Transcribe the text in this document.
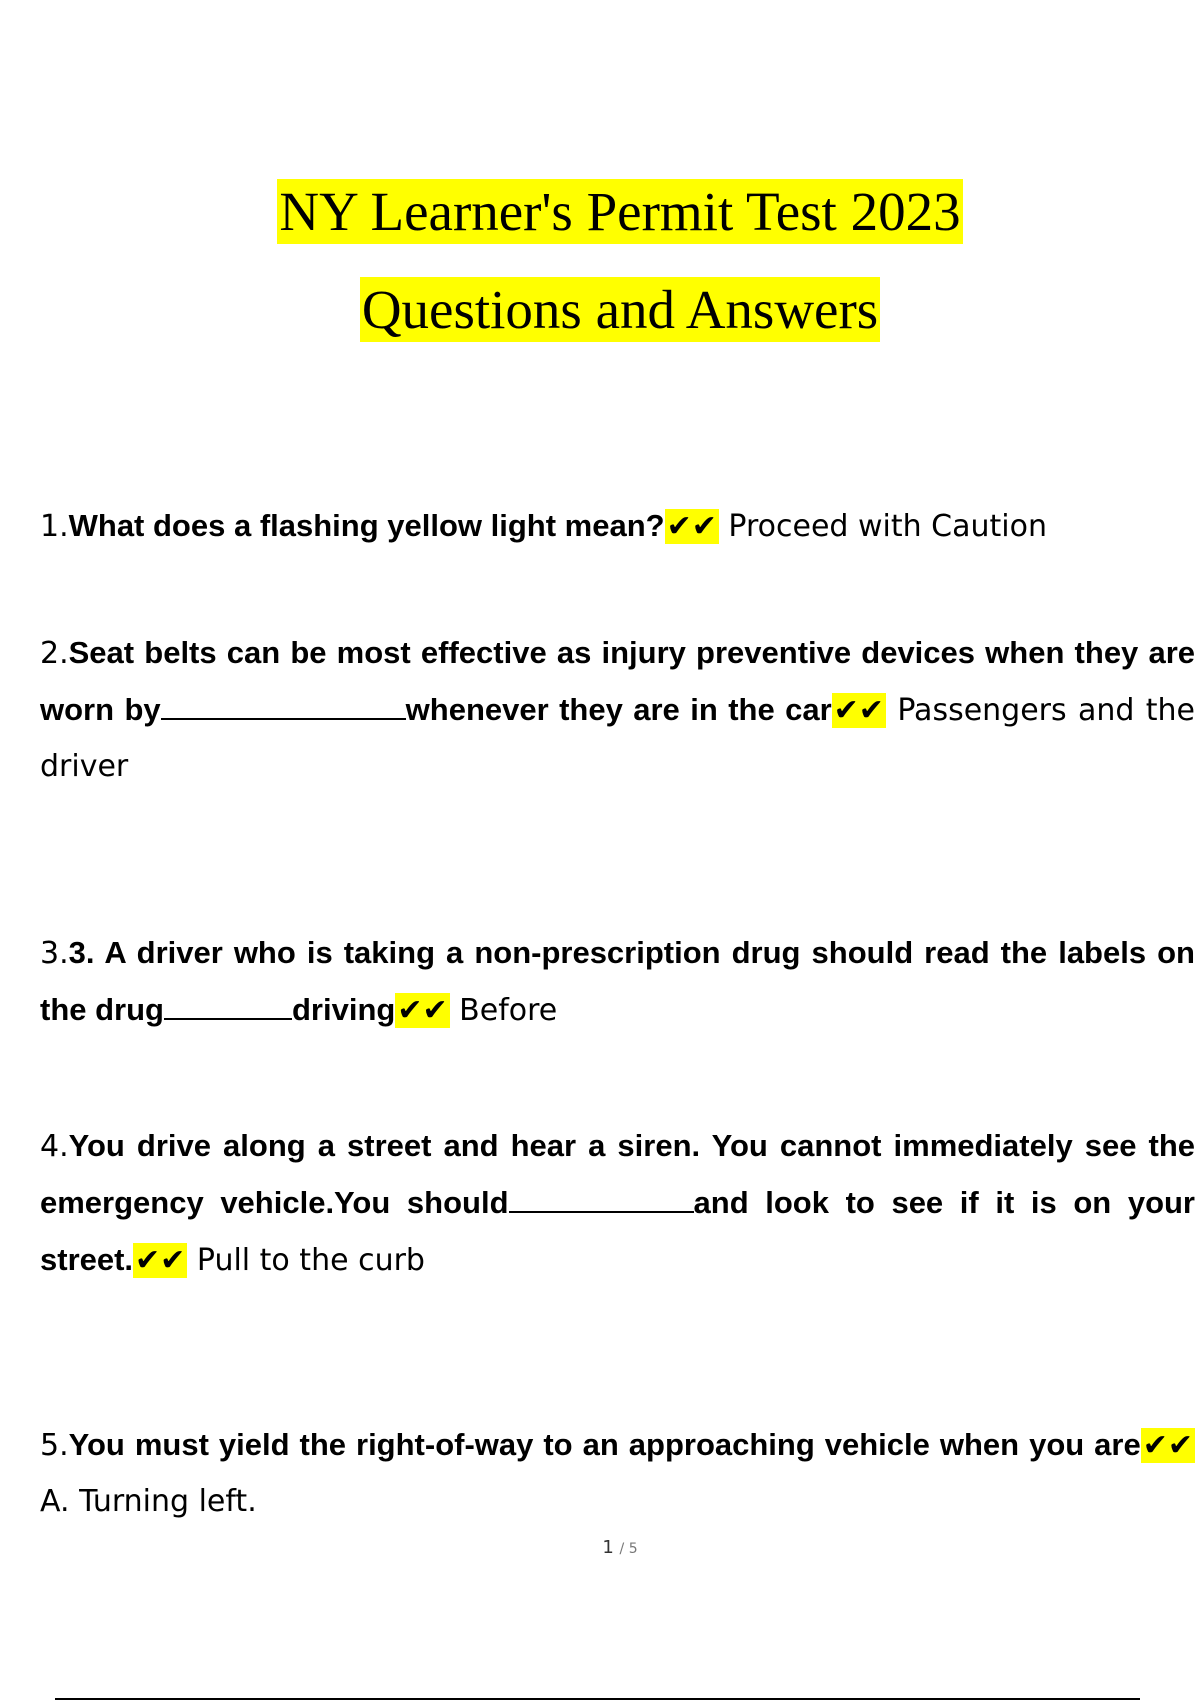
NY Learner's Permit Test 2023
Questions and Answers
1.What does a flashing yellow light mean?✔✔ Proceed with Caution
2.Seat belts can be most effective as injury preventive devices when they are worn by	whenever they are in the car✔✔ Passengers and the driver
3.3. A driver who is taking a non-prescription drug should read the labels on the drug	driving✔✔ Before
4.You drive along a street and hear a siren. You cannot immediately see the emergency vehicle.You should	and look to see if it is on your street.✔✔ Pull to the curb
5.You must yield the right-of-way to an approaching vehicle when you are✔✔ A. Turning left.
1 / 5
